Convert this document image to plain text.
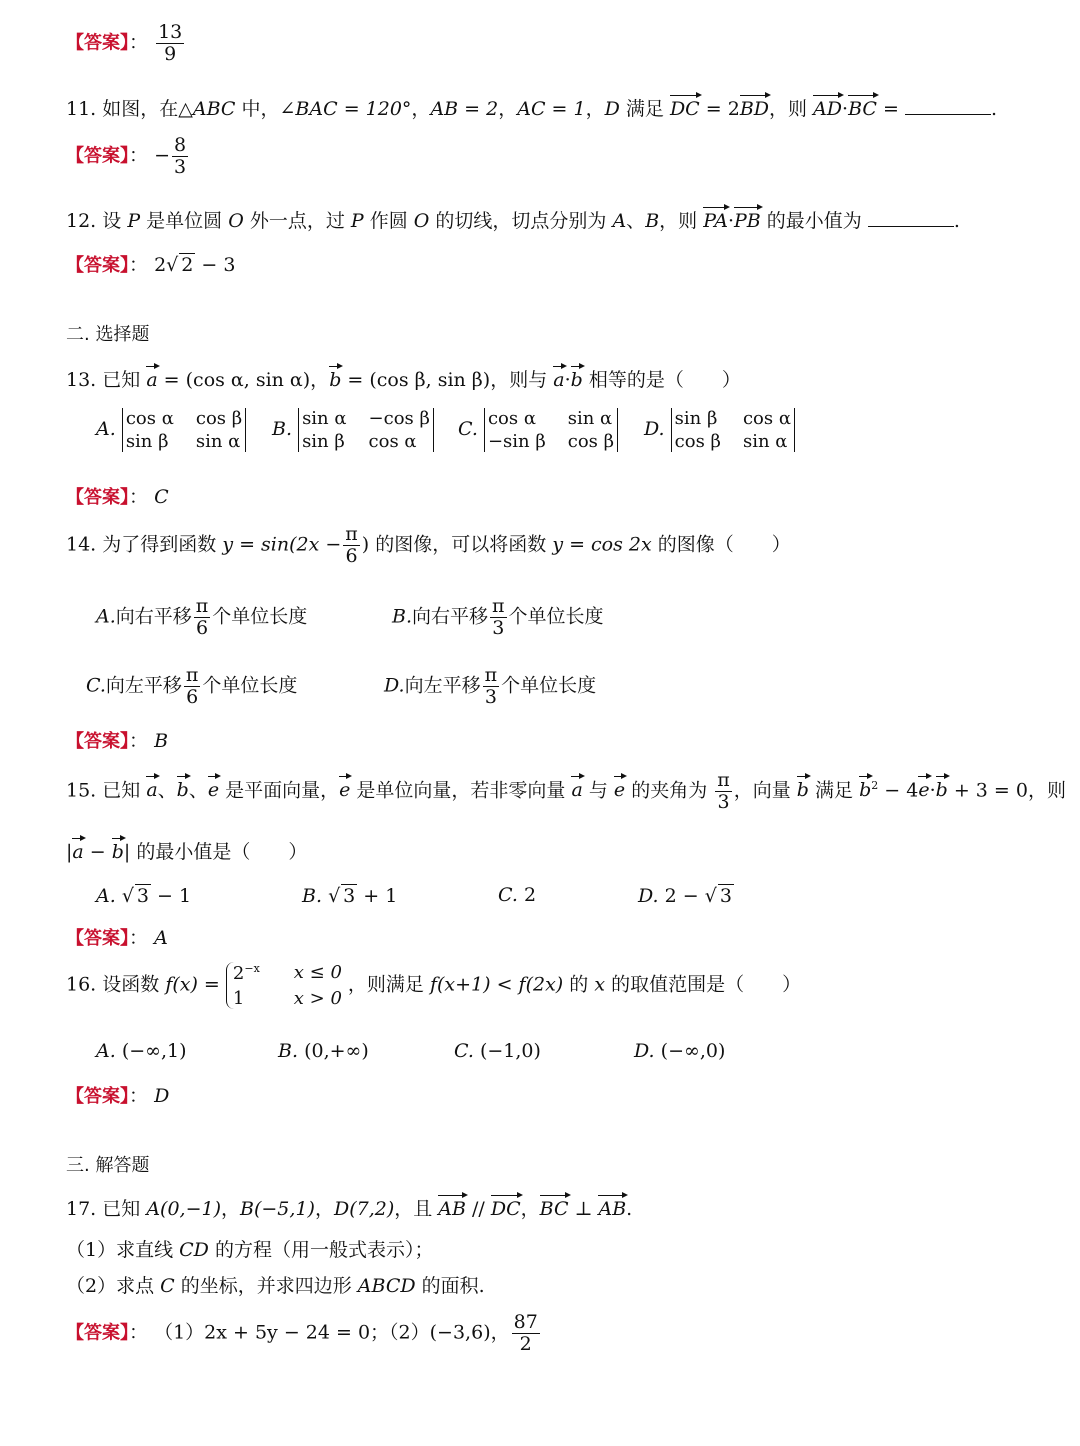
【答案】： $\frac{13}{9}$
11. 如图，在△ABC 中，∠BAC = 120°，AB = 2，AC = 1，D 满足 DC = 2BD，则 AD·BC =	.
【答案】： − $\frac{8}{3}$
12. 设 P 是单位圆 O 外一点，过 P 作圆 O 的切线，切点分别为 A、B，则 PA·PB 的最小值为	.
【答案】： 2√ 2 − 3
二. 选择题
13. 已知 a = (cos α, sin α)，b = (cos β, sin β)，则与 a·b 相等的是（　　）
A. cos α cos β
sin β sin α
B. sin α −cos β
sin β cos α
C. cos α	sin α
−sin β cos β
D. sin β cos α
cos β sin α
【答案】： C
14. 为了得到函数 $y = \sin(2x - \frac{\pi}{6}$ ) 的图像，可以将函数 y = cos 2x 的图像（　　）
A.向右平移 $\frac{\pi}{6}$ 个单位长度	B.向右平移 $\frac{\pi}{3}$ 个单位长度
C.向左平移 $\frac{\pi}{6}$ 个单位长度	D.向左平移 $\frac{\pi}{3}$ 个单位长度
【答案】： B
15. 已知 a、b、e 是平面向量，e 是单位向量，若非零向量 a 与 e 的夹角为 $\frac{\pi}{3}$ ，向量 b 满足 $b^2 - 4e\cdot b + 3 = 0$，则
|a − b| 的最小值是（　　）
A. √ 3 − 1	B. √ 3 + 1	C. 2	D. 2 − √ 3
【答案】： A
16. 设函数 $f(x) = 2^{-x}$ x ≤ 0
1	x > 0
，则满足 f(x+1) < f(2x) 的 x 的取值范围是（　　）
A. (−∞,1)	B. (0,+∞)	C. (−1,0)	D. (−∞,0)
【答案】： D
三. 解答题
17. 已知 A(0,−1)，B(−5,1)，D(7,2)，且 AB // DC，BC ⊥ AB.
（1）求直线 CD 的方程（用一般式表示）；
（2）求点 C 的坐标，并求四边形 ABCD 的面积.
【答案】： （1）2x + 5y − 24 = 0；（2）(−3,6)， $\frac{87}{2}$
